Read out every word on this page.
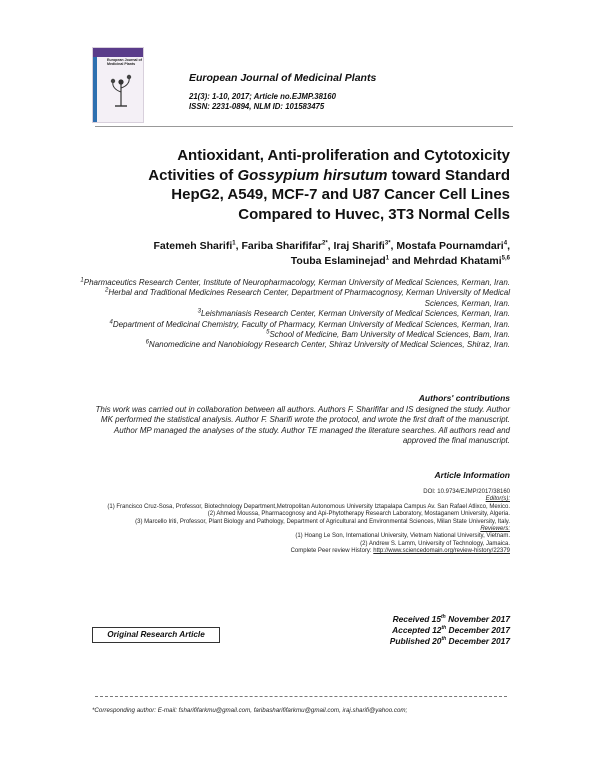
European Journal of Medicinal Plants
European Journal of Medicinal Plants
21(3): 1-10, 2017; Article no.EJMP.38160
ISSN: 2231-0894, NLM ID: 101583475
Antioxidant, Anti-proliferation and Cytotoxicity Activities of Gossypium hirsutum toward Standard HepG2, A549, MCF-7 and U87 Cancer Cell Lines Compared to Huvec, 3T3 Normal Cells
Fatemeh Sharifi$^1$, Fariba Sharififar$^{2*}$, Iraj Sharifi$^{3*}$, Mostafa Pournamdari$^4$,
Touba Eslaminejad$^1$ and Mehrdad Khatami$^{5,6}$
$^1$Pharmaceutics Research Center, Institute of Neuropharmacology, Kerman University of Medical Sciences, Kerman, Iran.
$^2$Herbal and Traditional Medicines Research Center, Department of Pharmacognosy, Kerman University of Medical Sciences, Kerman, Iran.
$^3$Leishmaniasis Research Center, Kerman University of Medical Sciences, Kerman, Iran.
$^4$Department of Medicinal Chemistry, Faculty of Pharmacy, Kerman University of Medical Sciences, Kerman, Iran.
$^5$School of Medicine, Bam University of Medical Sciences, Bam, Iran.
$^6$Nanomedicine and Nanobiology Research Center, Shiraz University of Medical Sciences, Shiraz, Iran.
Authors' contributions
This work was carried out in collaboration between all authors. Authors F. Sharififar and IS designed the study. Author MK performed the statistical analysis. Author F. Sharifi wrote the protocol, and wrote the first draft of the manuscript. Author MP managed the analyses of the study. Author TE managed the literature searches. All authors read and approved the final manuscript.
Article Information
DOI: 10.9734/EJMP/2017/38160
Editor(s):
(1) Francisco Cruz-Sosa, Professor, Biotechnology Department,Metropolitan Autonomous University Iztapalapa Campus Av. San Rafael Atlixco, Mexico.
(2) Ahmed Moussa, Pharmacognosy and Api-Phytotherapy Research Laboratory, Mostaganem University, Algeria.
(3) Marcello Iriti, Professor, Plant Biology and Pathology, Department of Agricultural and Environmental Sciences, Milan State University, Italy.
Reviewers:
(1) Hoang Le Son, International University, Vietnam National University, Vietnam.
(2) Andrew S. Lamm, University of Technology, Jamaica.
Complete Peer review History: http://www.sciencedomain.org/review-history/22379
Original Research Article
Received 15th November 2017
Accepted 12th December 2017
Published 20th December 2017
*Corresponding author: E-mail: fsharififarkmu@gmail.com, faribasharififarkmu@gmail.com, iraj.sharifi@yahoo.com;
